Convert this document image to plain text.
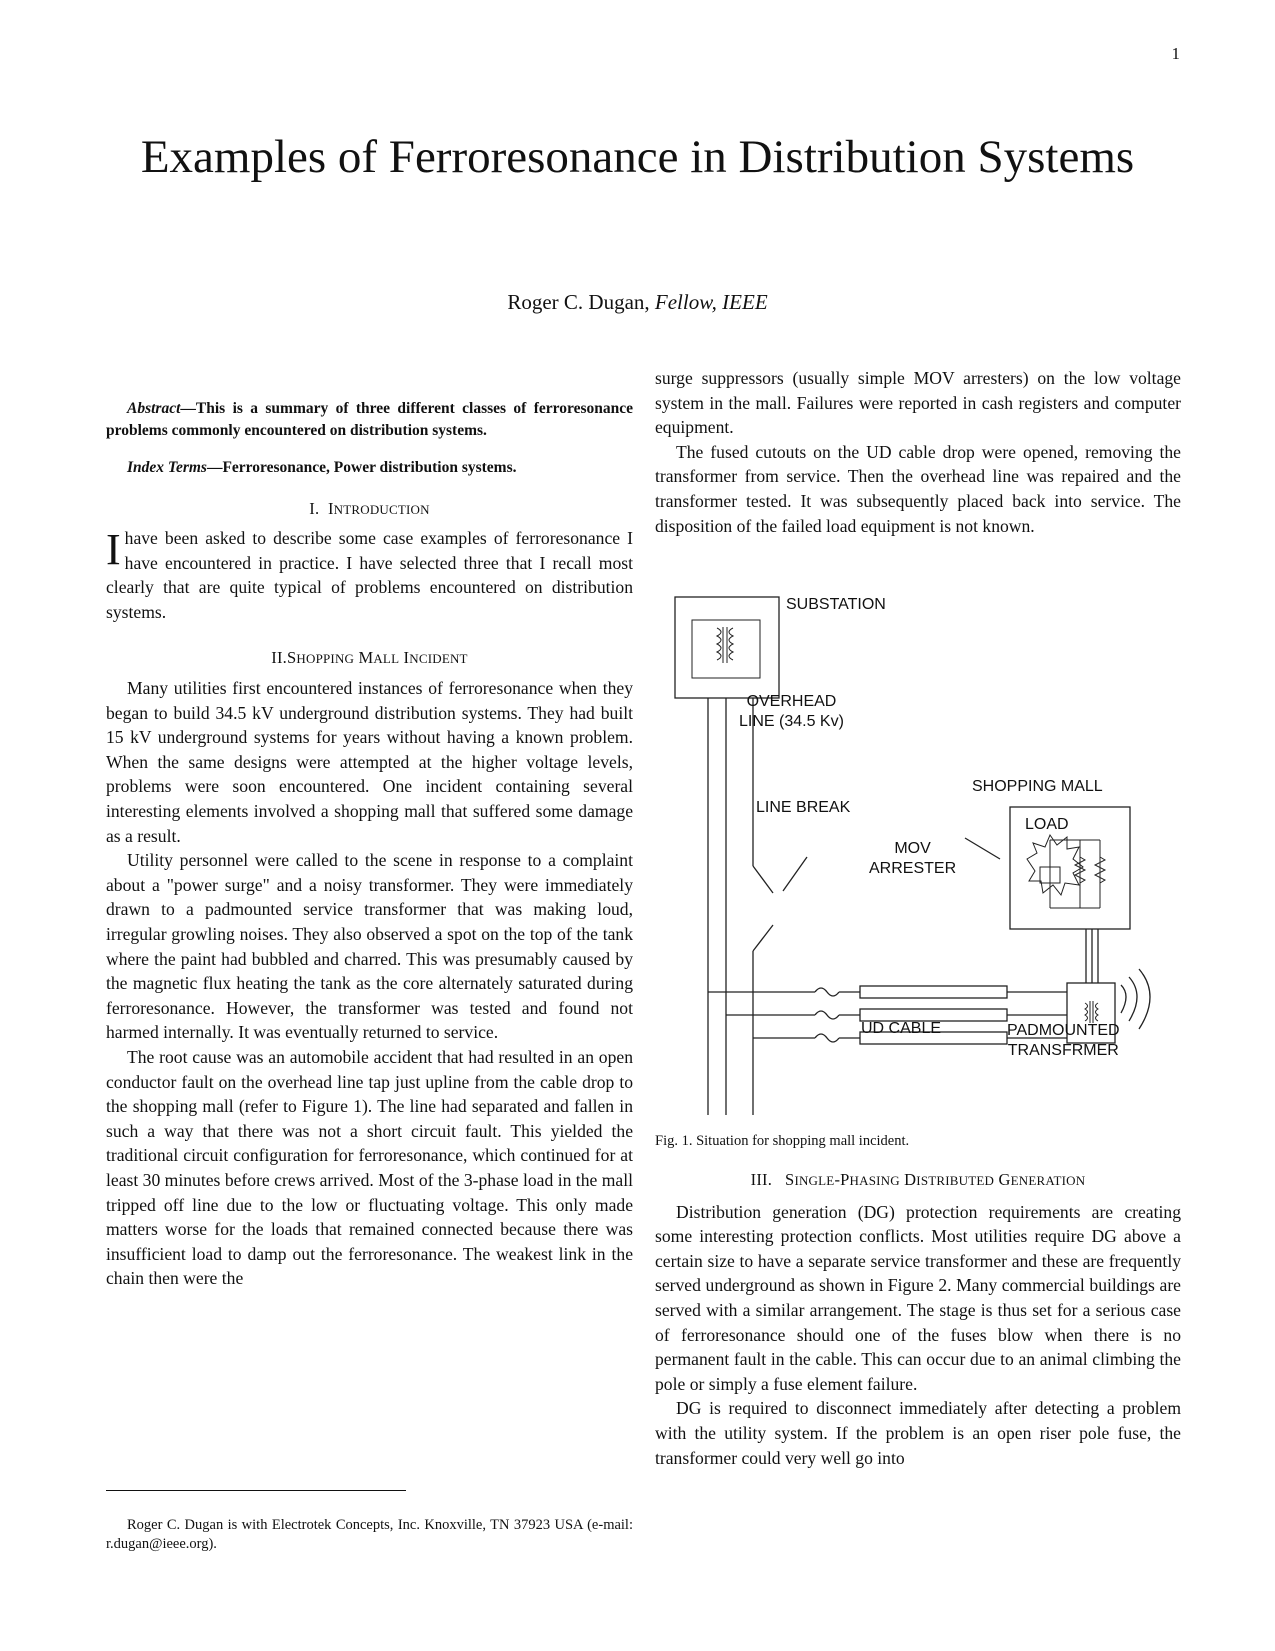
1
Examples of Ferroresonance in Distribution Systems
Roger C. Dugan, Fellow, IEEE

Abstract—This is a summary of three different classes of ferroresonance problems commonly encountered on distribution systems.

Index Terms—Ferroresonance, Power distribution systems.

I. INTRODUCTION

Ihave been asked to describe some case examples of ferroresonance I have encountered in practice. I have selected three that I recall most clearly that are quite typical of problems encountered on distribution systems.

II.SHOPPING MALL INCIDENT

Many utilities first encountered instances of ferroresonance when they began to build 34.5 kV underground distribution systems. They had built 15 kV underground systems for years without having a known problem. When the same designs were attempted at the higher voltage levels, problems were soon encountered. One incident containing several interesting elements involved a shopping mall that suffered some damage as a result.

Utility personnel were called to the scene in response to a complaint about a "power surge" and a noisy transformer. They were immediately drawn to a padmounted service transformer that was making loud, irregular growling noises. They also observed a spot on the top of the tank where the paint had bubbled and charred. This was presumably caused by the magnetic flux heating the tank as the core alternately saturated during ferroresonance. However, the transformer was tested and found not harmed internally. It was eventually returned to service.

The root cause was an automobile accident that had resulted in an open conductor fault on the overhead line tap just upline from the cable drop to the shopping mall (refer to Figure 1). The line had separated and fallen in such a way that there was not a short circuit fault. This yielded the traditional circuit configuration for ferroresonance, which continued for at least 30 minutes before crews arrived. Most of the 3-phase load in the mall tripped off line due to the low or fluctuating voltage. This only made matters worse for the loads that remained connected because there was insufficient load to damp out the ferroresonance. The weakest link in the chain then were the

Roger C. Dugan is with Electrotek Concepts, Inc. Knoxville, TN 37923 USA (e-mail: r.dugan@ieee.org).

surge suppressors (usually simple MOV arresters) on the low voltage system in the mall. Failures were reported in cash registers and computer equipment.

The fused cutouts on the UD cable drop were opened, removing the transformer from service. Then the overhead line was repaired and the transformer tested. It was subsequently placed back into service. The disposition of the failed load equipment is not known.

SUBSTATION
OVERHEAD
LINE (34.5 Kv)
LINE BREAK
SHOPPING MALL
LOAD
MOV
ARRESTER
UD CABLE	PADMOUNTED
TRANSFRMER
Fig. 1. Situation for shopping mall incident.

III. SINGLE-PHASING DISTRIBUTED GENERATION

Distribution generation (DG) protection requirements are creating some interesting protection conflicts. Most utilities require DG above a certain size to have a separate service transformer and these are frequently served underground as shown in Figure 2. Many commercial buildings are served with a similar arrangement. The stage is thus set for a serious case of ferroresonance should one of the fuses blow when there is no permanent fault in the cable. This can occur due to an animal climbing the pole or simply a fuse element failure.

DG is required to disconnect immediately after detecting a problem with the utility system. If the problem is an open riser pole fuse, the transformer could very well go into
